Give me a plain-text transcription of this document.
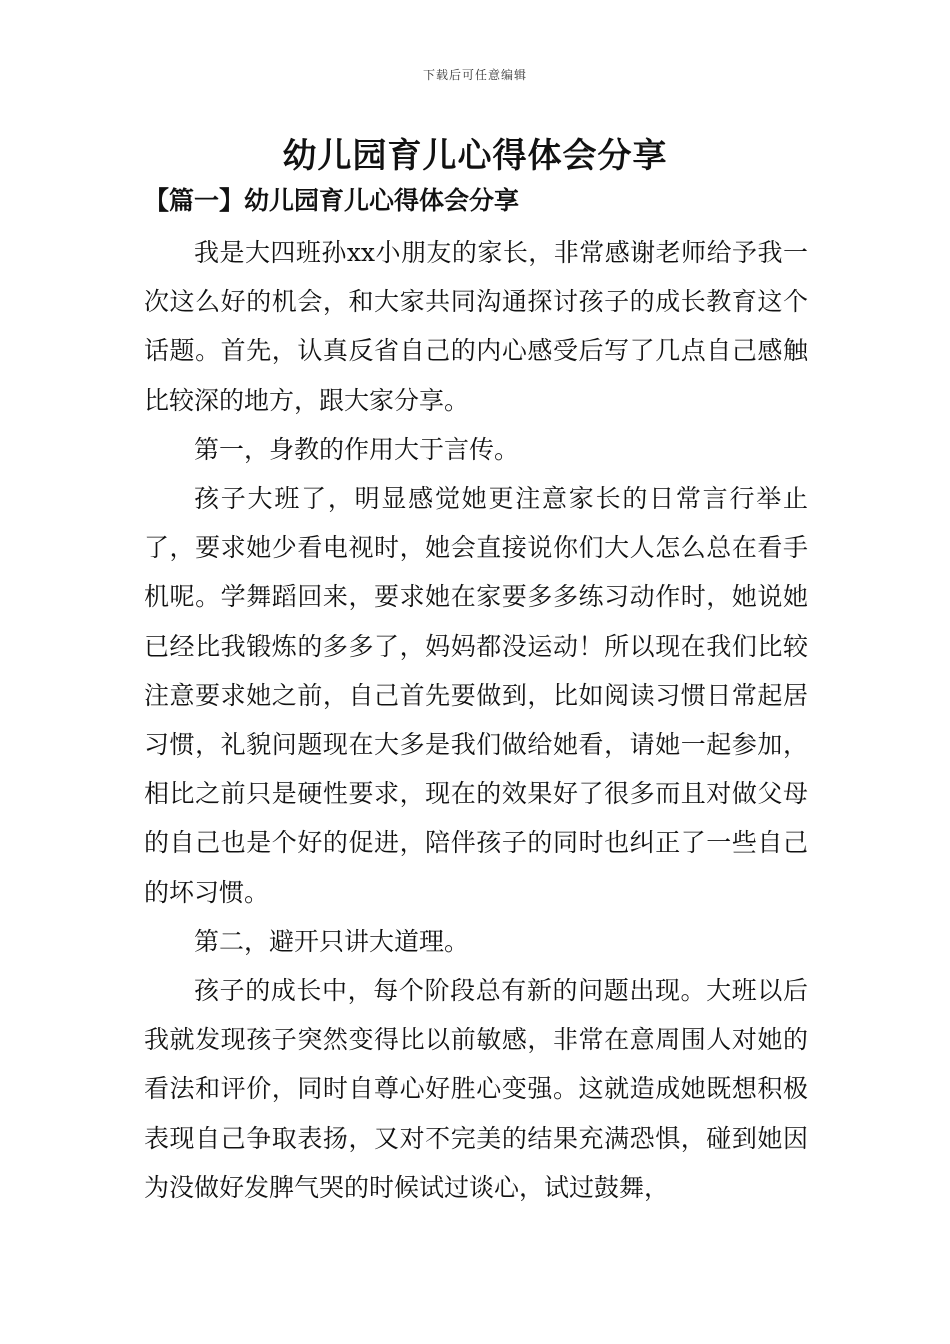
下载后可任意编辑
幼儿园育儿心得体会分享
【篇一】幼儿园育儿心得体会分享

我是大四班孙xx小朋友的家长，非常感谢老师给予我一次这么好的机会，和大家共同沟通探讨孩子的成长教育这个话题。首先，认真反省自己的内心感受后写了几点自己感触比较深的地方，跟大家分享。

第一，身教的作用大于言传。

孩子大班了，明显感觉她更注意家长的日常言行举止了，要求她少看电视时，她会直接说你们大人怎么总在看手机呢。学舞蹈回来，要求她在家要多多练习动作时，她说她已经比我锻炼的多多了，妈妈都没运动！所以现在我们比较注意要求她之前，自己首先要做到，比如阅读习惯日常起居习惯，礼貌问题现在大多是我们做给她看，请她一起参加，相比之前只是硬性要求，现在的效果好了很多而且对做父母的自己也是个好的促进，陪伴孩子的同时也纠正了一些自己的坏习惯。

第二，避开只讲大道理。

孩子的成长中，每个阶段总有新的问题出现。大班以后我就发现孩子突然变得比以前敏感，非常在意周围人对她的看法和评价，同时自尊心好胜心变强。这就造成她既想积极表现自己争取表扬，又对不完美的结果充满恐惧，碰到她因为没做好发脾气哭的时候试过谈心，试过鼓舞，
